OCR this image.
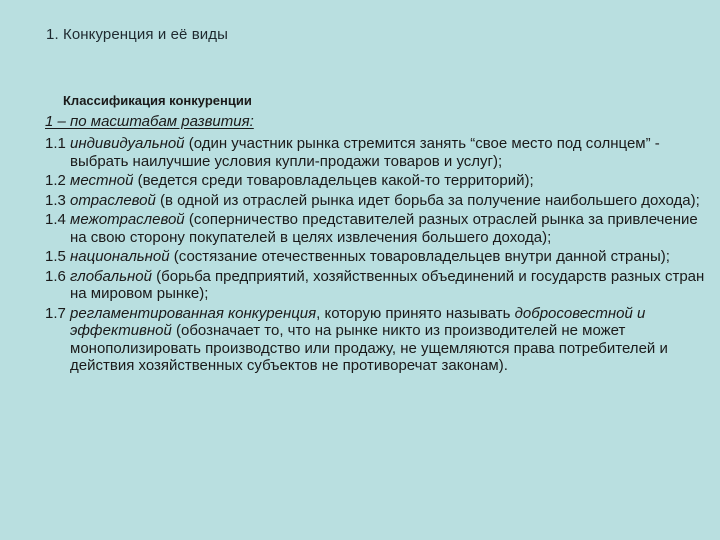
1. Конкуренция и её виды
Классификация конкуренции
1 – по масштабам развития:

1.1 индивидуальной (один участник рынка стремится занять “свое место под солнцем” - выбрать наилучшие условия купли-продажи товаров и услуг);

1.2 местной (ведется среди товаровладельцев какой-то территорий);

1.3 отраслевой (в одной из отраслей рынка идет борьба за получение наибольшего дохода);

1.4 межотраслевой (соперничество представителей разных отраслей рынка за привлечение на свою сторону покупателей в целях извлечения большего дохода);

1.5 национальной (состязание отечественных товаровладельцев внутри данной страны);

1.6 глобальной (борьба предприятий, хозяйственных объединений и государств разных стран на мировом рынке);

1.7 регламентированная конкуренция, которую принято называть добросовестной и эффективной (обозначает то, что на рынке никто из производителей не может монополизировать производство или продажу, не ущемляются права потребителей и действия хозяйственных субъектов не противоречат законам).
